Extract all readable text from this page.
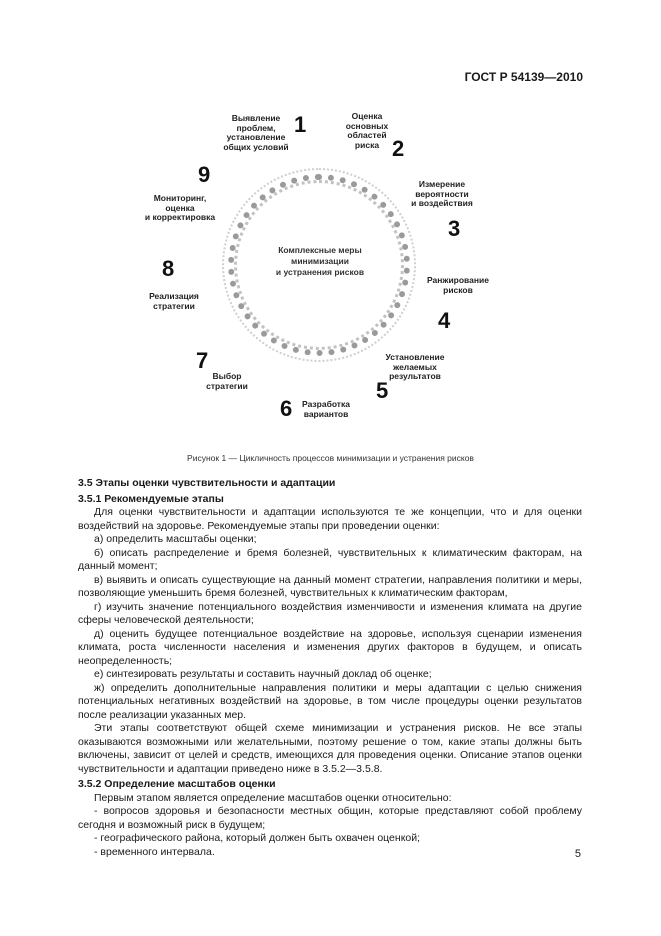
ГОСТ Р 54139—2010
Комплексные меры
минимизации
и устранения рисков
Выявление
проблем,
установление
общих условий
1	Оценка
основных
областей
риска 2
Измерение
вероятности
и воздействия
3
Ранжирование
рисков
4
Установление
желаемых
результатов
5
6	Разработка
вариантов
7
Выбор
стратегии
8
Реализация
стратегии
9
Мониторинг,
оценка
и корректировка
Рисунок 1 — Цикличность процессов минимизации и устранения рисков

3.5 Этапы оценки чувствительности и адаптации

3.5.1 Рекомендуемые этапы

Для оценки чувствительности и адаптации используются те же концепции, что и для оценки воздействий на здоровье. Рекомендуемые этапы при проведении оценки:

а) определить масштабы оценки;

б) описать распределение и бремя болезней, чувствительных к климатическим факторам, на данный момент;

в) выявить и описать существующие на данный момент стратегии, направления политики и меры, позволяющие уменьшить бремя болезней, чувствительных к климатическим факторам,

г) изучить значение потенциального воздействия изменчивости и изменения климата на другие сферы человеческой деятельности;

д) оценить будущее потенциальное воздействие на здоровье, используя сценарии изменения климата, роста численности населения и изменения других факторов в будущем, и описать неопределенность;

е) синтезировать результаты и составить научный доклад об оценке;

ж) определить дополнительные направления политики и меры адаптации с целью снижения потенциальных негативных воздействий на здоровье, в том числе процедуры оценки результатов после реализации указанных мер.

Эти этапы соответствуют общей схеме минимизации и устранения рисков. Не все этапы оказываются возможными или желательными, поэтому решение о том, какие этапы должны быть включены, зависит от целей и средств, имеющихся для проведения оценки. Описание этапов оценки чувствительности и адаптации приведено ниже в 3.5.2—3.5.8.

3.5.2 Определение масштабов оценки

Первым этапом является определение масштабов оценки относительно:

- вопросов здоровья и безопасности местных общин, которые представляют собой проблему сегодня и возможный риск в будущем;

- географического района, который должен быть охвачен оценкой;

- временного интервала.	5
